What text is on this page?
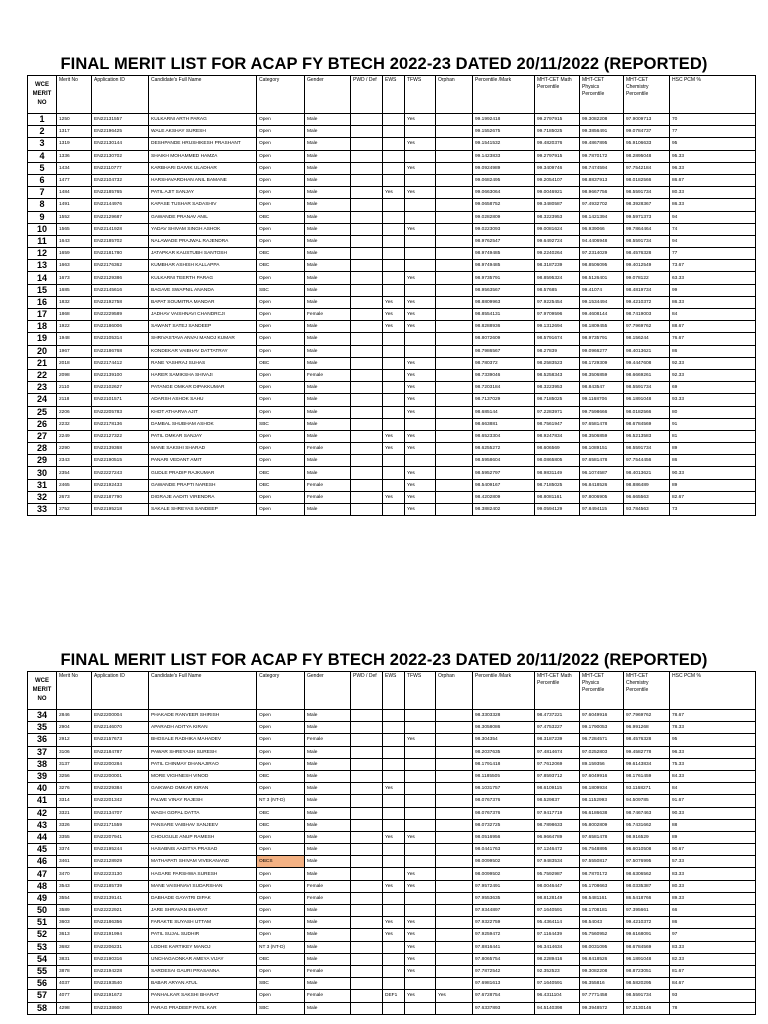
FINAL MERIT LIST FOR ACAP FY BTECH 2022-23 DATED 20/11/2022 (REPORTED)
WCE MERIT NO	Merit No	Application ID	Candidate's Full Name	Category	Gender	PWD / Def	EWS	TFWS	Orphan	Percentile /Mark	MHT-CET Math Percentile	MHT-CET Physics Percentile	MHT-CET Chemistry Percentile	HSC PCM %
1	1250	EN22131557	KULKARNI ARTH PARAG	Open	Male			Yes		99.1992418	99.2797915	99.3082208	97.9009713	70
2	1317	EN22196425	WALE AKSHAY SURESH	Open	Male					99.1552675	99.7185025	99.3856491	99.0784737	77
3	1319	EN22130144	DESHPANDE HRUSHIKESH PRASHANT	Open	Male			Yes		99.1541532	99.4820376	99.4867895	95.9106633	95
4	1336	EN22130702	SHAIKH MOHAMMED HAMZA	Open	Male					99.1423833	99.2797915	99.7870172	98.2895048	95.33
5	1434	EN22110777	KARBHARI DAIVIK ULADHAR	Open	Male			Yes		99.0924989	99.3409746	98.7474594	97.7542184	96.33
6	1477	EN22104732	HARSHAVARDHAN ANIL BAMANE	Open	Male					99.0682495	99.2054107	98.8837913	98.0182566	86.67
7	1484	EN22185765	PATIL AJIT SANJAY	Open	Male		Yes	Yes		99.0663064	99.0046921	98.9667756	98.5591734	80.33
8	1491	EN22144976	KAPASE TUSHAR SADASHIV	Open	Male					99.0658752	99.3480587	97.4932702	98.3928367	86.33
9	1552	EN22129687	GAWANDE PRANAV ANIL	OBC	Male					99.0282809	98.3223953	98.1421394	99.5971373	94
10	1565	EN22141928	YADAV SHIVAM SINGH ASHOK	Open	Male			Yes		99.0223093	99.0081624	96.939066	99.7864464	74
11	1643	EN22185702	NALAWADE PRAJWAL RAJENDRA	Open	Male					98.9762547	99.6492724	94.4406948	98.5591734	94
12	1659	EN22181780	JATAPKAR KAUSTUBH SANTOSH	OBC	Male					98.9749485	99.2240264	97.2314029	98.4576328	77
13	1663	EN22176362	KUMBHAR ASHISH KALLAPPA	OBC	Male					98.9749485	98.3187239	98.8506095	99.4012549	73.67
14	1673	EN22129386	KULKARNI TEERTH PARAG	Open	Male			Yes		98.9735791	98.8595324	98.5126401	99.078122	63.33
15	1685	EN22145616	BAGAVE SWAPNIL ANANDA	SBC	Male					98.9563567	98.57685	99.41074	98.4819734	99
16	1832	EN22192758	BAPAT SOUMITRA MANDAR	Open	Male		Yes	Yes		98.8809963	97.9225454	99.1534494	99.4210372	86.33
17	1868	EN22229589	JADHAV VAISHNAVI CHANDRCJI	Open	Female		Yes	Yes		98.8554131	97.9709596	99.4608144	98.7419003	84
18	1922	EN22186006	SAWANT SATEJ SANDEEP	Open	Male		Yes	Yes		98.8288936	99.1312694	98.1809455	97.7969762	88.67
19	1948	EN22105314	SHRIVASTAVA ANVAI MANOJ KUMAR	Open	Male					98.8072609	98.5791674	98.9735791	98.156244	76.67
20	1967	EN22186768	KONDEKAR VAIBHAV DATTATRAY	Open	Male					98.7986567	98.27839	99.0966277	98.4013621	86
21	2018	EN22174412	RANE YASHRAJ SUHAS	OBC	Male			Yes		98.780372	98.2583523	98.1729309	99.4447608	92.33
22	2098	EN22139100	HARER SAMIKSHA SHIVAJI	Open	Female			Yes		98.7339046	98.5258343	98.3506859	98.6669261	92.33
23	2110	EN22102627	PATANGE OMKAR DIPAKKUMAR	Open	Male			Yes		98.7203184	98.3223953	98.843547	98.5591734	69
24	2118	EN22101571	ADARSH ASHOK SAHU	Open	Male			Yes		98.7137029	98.7185025	99.1168706	96.1891048	93.33
25	2206	EN22205783	KHOT ATHARVA AJIT	Open	Male			Yes		98.685144	97.2283971	99.7598666	98.0182566	80
26	2232	EN22178136	DAMBAL SHUBHAM ASHOK	SBC	Male					98.663881	98.7561947	97.6581478	98.6784569	91
27	2249	EN22127322	PATIL OMKAR SANJAY	Open	Male		Yes	Yes		98.6523304	98.9247834	98.3506859	96.5213583	81
28	2290	EN22139368	MANE SAKSHI SHARAD	Open	Female		Yes	Yes		98.6255272	98.606569	98.1089151	98.5591734	89
29	2343	EN22190515	PANARI VEDANT AMIT	Open	Male					98.5958604	98.0865805	97.6581478	97.7544456	86
30	2354	EN22227243	GUDLE PRADIP RAJKUMAR	OBC	Male			Yes		98.5952797	98.9831149	96.1074587	98.4013621	90.33
31	2465	EN22192433	GAWANDE PRAPTI NARESH	OBC	Female			Yes		98.5409167	98.7185025	96.8418526	98.886489	89
32	2673	EN22187790	DIGRAJE AADITI VIRENDRA	Open	Female		Yes	Yes		98.4202809	98.8081161	97.8006905	96.665563	82.67
33	2752	EN22195218	SAKALE SHREYAS SANDEEP	Open	Male			Yes		98.3882402	99.0594129	97.8494115	93.784563	73
FINAL MERIT LIST FOR ACAP FY BTECH 2022-23 DATED 20/11/2022 (REPORTED)
WCE MERIT NO	Merit No	Application ID	Candidate's Full Name	Category	Gender	PWD / Def	EWS	TFWS	Orphan	Percentile /Mark	MHT-CET Math Percentile	MHT-CET Physics Percentile	MHT-CET Chemistry Percentile	HSC PCM %
34	2846	EN22200004	PHAKADE RANVEER SHIRISH	Open	Male					98.3303328	98.4737221	97.6049916	97.7969762	78.67
35	2904	EN22146070	APARADH ADITYA KIRAN	Open	Male					98.3058086	97.4753227	99.1790053	96.991268	78.33
36	2912	EN22157673	BHOSALE RADHIKA MAHADEV	Open	Female			Yes		98.304354	98.3187239	96.7284571	98.4576328	95
37	3106	EN22184787	PAWAR SHREYASH SURESH	Open	Male					98.2037635	97.4814674	97.0252803	99.4582778	96.33
38	3137	EN22200284	PATIL CHINMAY DHANAJIRAO	Open	Male					98.1791418	97.7612069	89.159356	99.6143834	75.33
39	3256	EN22200001	MORE VIGHNESH VINOD	OBC	Male					98.1185505	97.8593712	97.6049916	98.1761459	84.33
40	3276	EN22229384	GAIKWAD OMKAR KIRAN	Open	Male		Yes			98.1031757	98.6109115	98.1809934	93.1168271	84
41	3314	EN22201342	PALWE VINAY RAJESH	NT 3 (NT-D)	Male					98.0767376	98.529837	98.1152993	94.509785	91.67
42	3321	EN22134707	WAGH GOPAL DATTA	OBC	Male					98.0767376	97.9417719	96.6186638	98.7467463	90.33
43	3326	EN22171559	PANSARE VAIBHAV SANJEEV	OBC	Male					98.0732725	98.7898633	95.8002809	95.7431662	88
44	3355	EN22207941	CHOUGULE ANUP RAMESH	Open	Male		Yes	Yes		98.0516956	96.9664789	97.6581478	98.916529	89
45	3374	EN22195244	HASABNIS AADITYA PRASAD	Open	Male					98.0441763	97.1246472	96.7548895	96.6010508	90.67
46	3461	EN22128929	MATHAPATI SHIVAM VIVEKANAND	OBCS	Male					98.0099502	97.9483534	97.5550817	97.5076995	57.33
47	3470	EN22223130	HAGARE PARSHWA SURESH	Open	Male			Yes		98.0099502	95.7592987	98.7870172	98.6306562	83.33
48	3543	EN22185739	MANE VAISHNAVI SUDARSHAN	Open	Female		Yes	Yes		97.9572491	98.0046447	95.1708663	98.0335387	80.33
49	3554	EN22139141	DABHADE GAYATRI DIPAK	Open	Female					97.9553635	98.8128149	98.5481161	86.5418766	89.33
50	3589	EN22222921	JARE SHRAVAN BHARAT	Open	Male					97.9344897	97.1640591	98.1708181	97.395661	66
51	3603	EN22186356	FARAKTE SUYASH UTTAM	Open	Male		Yes	Yes		97.9322759	95.4364114	98.54043	99.4210372	86
52	3613	EN22191994	PATIL SUJAL SUDHIR	Open	Male		Yes	Yes		97.9259472	97.1164439	95.7560952	99.6168091	97
53	3682	EN22206231	LODHE KARTIKEY MANOJ	NT 3 (NT-D)	Male			Yes		97.8816441	96.3414634	98.0031095	98.6784569	83.33
54	3831	EN22190316	UNCHAGAONKAR AMEYA VIJAY	OBC	Male			Yes		97.8065754	98.2289416	96.8418526	96.1891048	82.33
55	3878	EN22194228	SARDESAI GAURI PRASANNA	Open	Female			Yes		97.7872542	92.352523	99.3082208	98.8723051	81.67
56	4037	EN22193540	BABAR ARYAN ATUL	SBC	Male					97.6981613	97.1640591	96.355816	98.5820295	84.67
57	4077	EN22191672	PANHALKAR SAKSHI BHARAT	Open	Female		DEF1	Yes	Yes	97.6728754	96.4311104	97.7771458	98.5591734	93
58	4298	EN22138600	PARAG PRADEEP PATIL KAR	SBC	Male					97.6337893	94.5140398	99.3948572	97.3130146	78
